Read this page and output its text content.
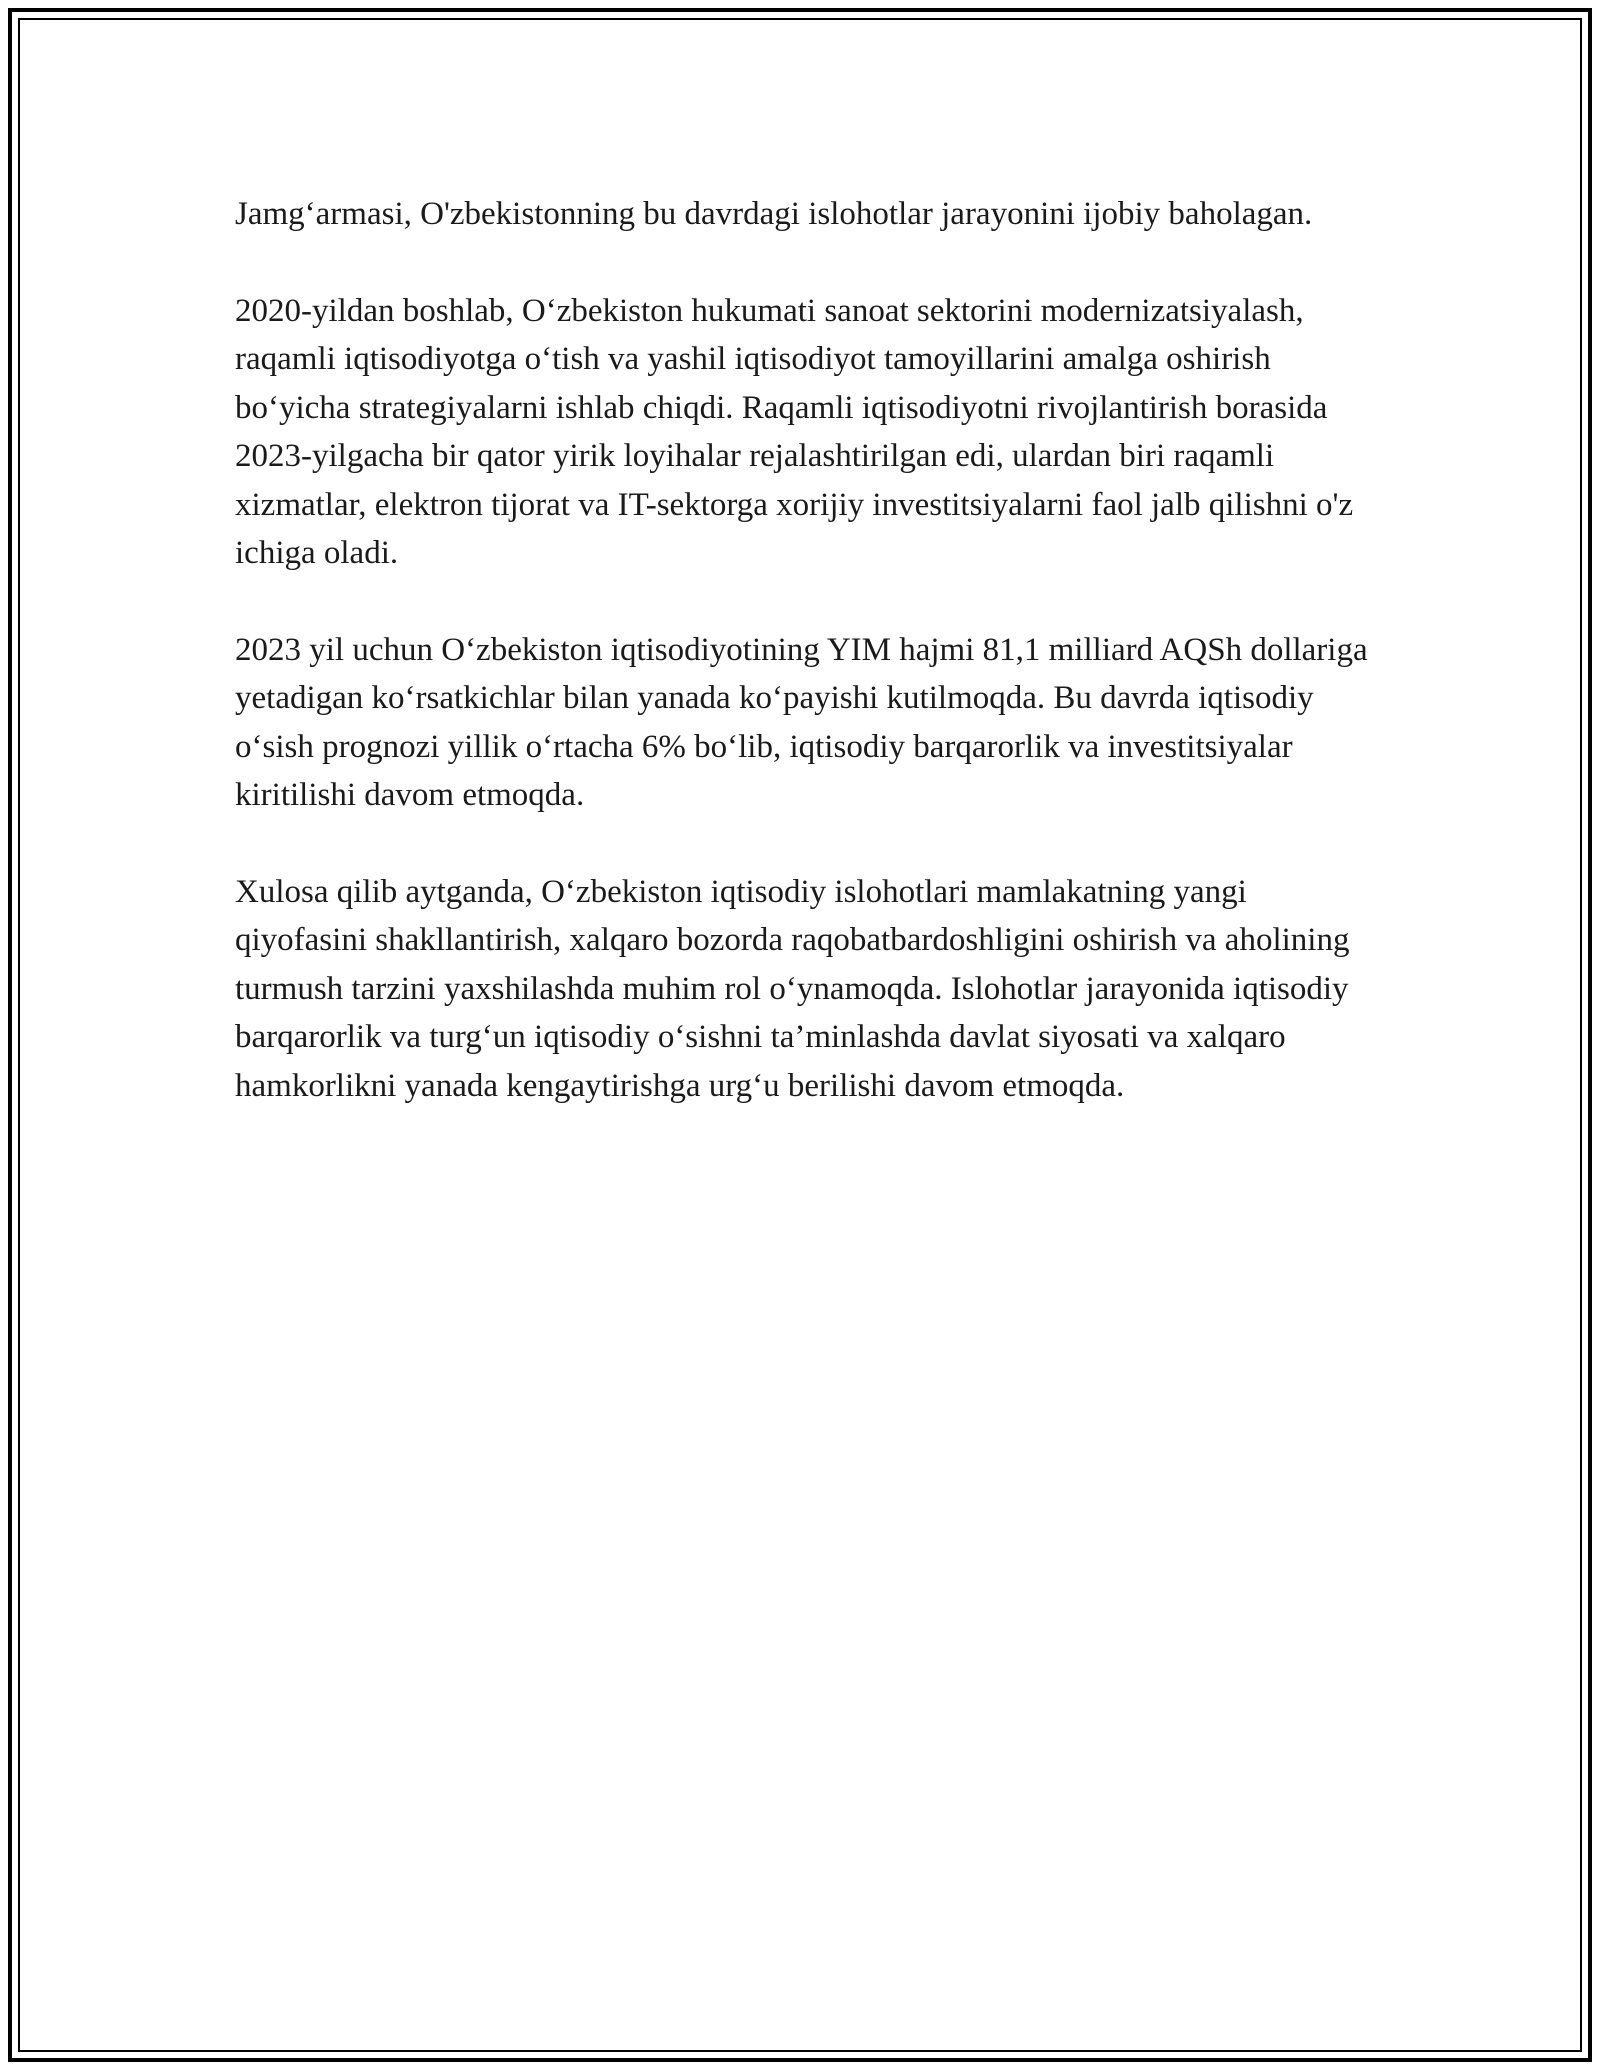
Jamg‘armasi, O'zbekistonning bu davrdagi islohotlar jarayonini ijobiy baholagan.

2020-yildan boshlab, O‘zbekiston hukumati sanoat sektorini modernizatsiyalash, raqamli iqtisodiyotga o‘tish va yashil iqtisodiyot tamoyillarini amalga oshirish bo‘yicha strategiyalarni ishlab chiqdi. Raqamli iqtisodiyotni rivojlantirish borasida 2023-yilgacha bir qator yirik loyihalar rejalashtirilgan edi, ulardan biri raqamli xizmatlar, elektron tijorat va IT-sektorga xorijiy investitsiyalarni faol jalb qilishni o'z ichiga oladi.

2023 yil uchun O‘zbekiston iqtisodiyotining YIM hajmi 81,1 milliard AQSh dollariga yetadigan ko‘rsatkichlar bilan yanada ko‘payishi kutilmoqda. Bu davrda iqtisodiy o‘sish prognozi yillik o‘rtacha 6% bo‘lib, iqtisodiy barqarorlik va investitsiyalar kiritilishi davom etmoqda.

Xulosa qilib aytganda, O‘zbekiston iqtisodiy islohotlari mamlakatning yangi qiyofasini shakllantirish, xalqaro bozorda raqobatbardoshligini oshirish va aholining turmush tarzini yaxshilashda muhim rol o‘ynamoqda. Islohotlar jarayonida iqtisodiy barqarorlik va turg‘un iqtisodiy o‘sishni ta’minlashda davlat siyosati va xalqaro hamkorlikni yanada kengaytirishga urg‘u berilishi davom etmoqda.
